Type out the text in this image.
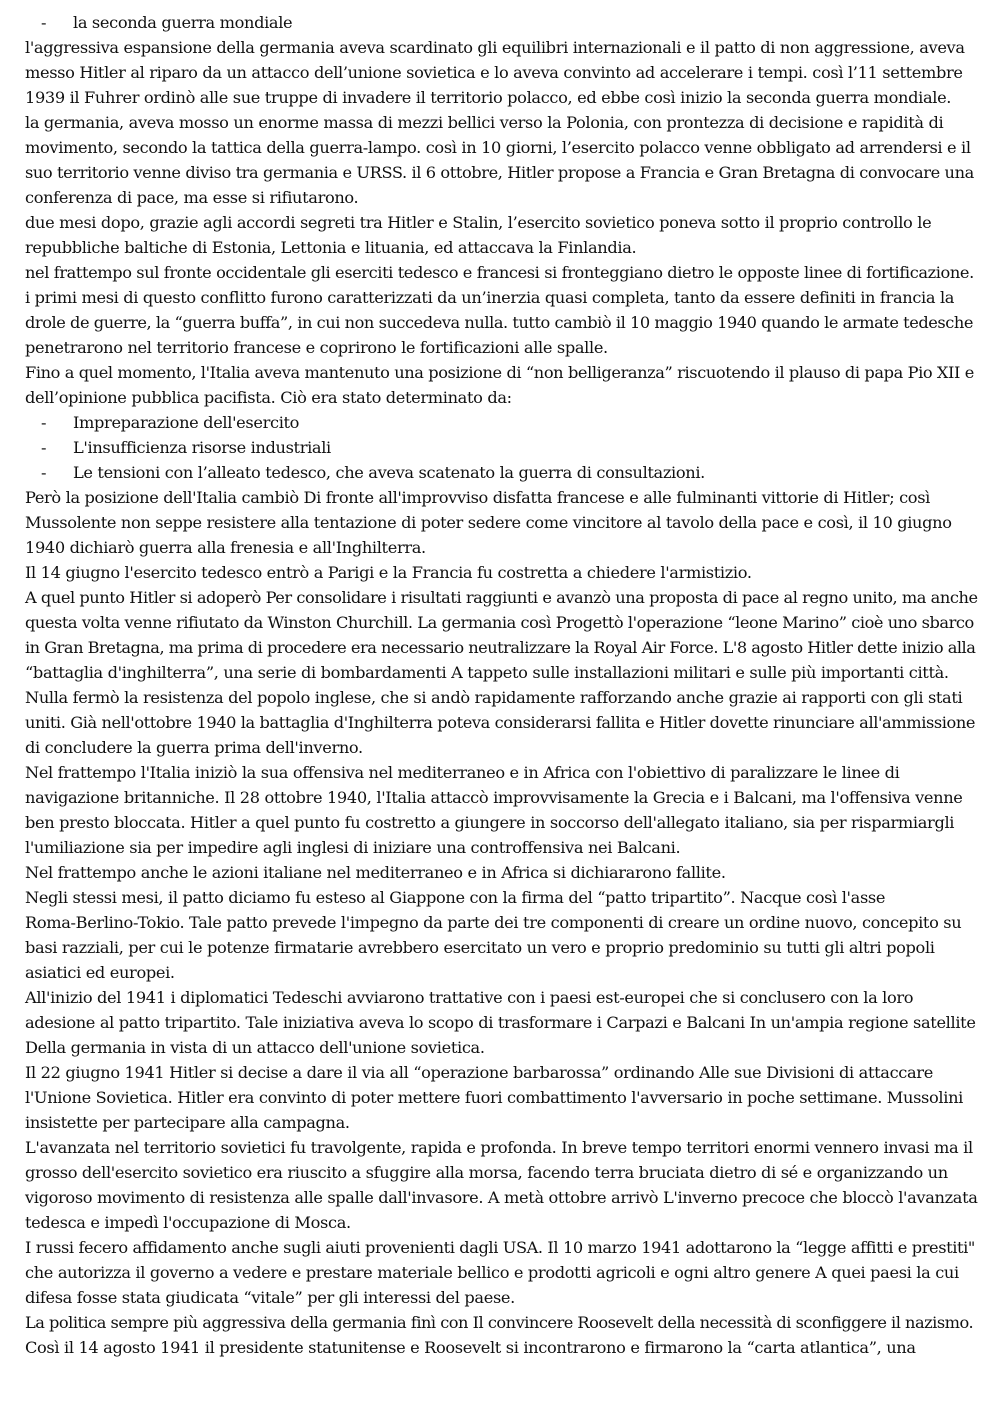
- la seconda guerra mondiale
l'aggressiva espansione della germania aveva scardinato gli equilibri internazionali e il patto di non aggressione, aveva
messo Hitler al riparo da un attacco dell’unione sovietica e lo aveva convinto ad accelerare i tempi. così l’11 settembre
1939 il Fuhrer ordinò alle sue truppe di invadere il territorio polacco, ed ebbe così inizio la seconda guerra mondiale.
la germania, aveva mosso un enorme massa di mezzi bellici verso la Polonia, con prontezza di decisione e rapidità di
movimento, secondo la tattica della guerra-lampo. così in 10 giorni, l’esercito polacco venne obbligato ad arrendersi e il
suo territorio venne diviso tra germania e URSS. il 6 ottobre, Hitler propose a Francia e Gran Bretagna di convocare una
conferenza di pace, ma esse si rifiutarono.
due mesi dopo, grazie agli accordi segreti tra Hitler e Stalin, l’esercito sovietico poneva sotto il proprio controllo le
repubbliche baltiche di Estonia, Lettonia e lituania, ed attaccava la Finlandia.
nel frattempo sul fronte occidentale gli eserciti tedesco e francesi si fronteggiano dietro le opposte linee di fortificazione.
i primi mesi di questo conflitto furono caratterizzati da un’inerzia quasi completa, tanto da essere definiti in francia la
drole de guerre, la “guerra buffa”, in cui non succedeva nulla. tutto cambiò il 10 maggio 1940 quando le armate tedesche
penetrarono nel territorio francese e coprirono le fortificazioni alle spalle.
Fino a quel momento, l'Italia aveva mantenuto una posizione di “non belligeranza” riscuotendo il plauso di papa Pio XII e
dell’opinione pubblica pacifista. Ciò era stato determinato da:
- Impreparazione dell'esercito
- L'insufficienza risorse industriali
- Le tensioni con l’alleato tedesco, che aveva scatenato la guerra di consultazioni.
Però la posizione dell'Italia cambiò Di fronte all'improvviso disfatta francese e alle fulminanti vittorie di Hitler; così
Mussolente non seppe resistere alla tentazione di poter sedere come vincitore al tavolo della pace e così, il 10 giugno
1940 dichiarò guerra alla frenesia e all'Inghilterra.
Il 14 giugno l'esercito tedesco entrò a Parigi e la Francia fu costretta a chiedere l'armistizio.
A quel punto Hitler si adoperò Per consolidare i risultati raggiunti e avanzò una proposta di pace al regno unito, ma anche
questa volta venne rifiutato da Winston Churchill. La germania così Progettò l'operazione “leone Marino” cioè uno sbarco
in Gran Bretagna, ma prima di procedere era necessario neutralizzare la Royal Air Force. L'8 agosto Hitler dette inizio alla
“battaglia d'inghilterra”, una serie di bombardamenti A tappeto sulle installazioni militari e sulle più importanti città.
Nulla fermò la resistenza del popolo inglese, che si andò rapidamente rafforzando anche grazie ai rapporti con gli stati
uniti. Già nell'ottobre 1940 la battaglia d'Inghilterra poteva considerarsi fallita e Hitler dovette rinunciare all'ammissione
di concludere la guerra prima dell'inverno.
Nel frattempo l'Italia iniziò la sua offensiva nel mediterraneo e in Africa con l'obiettivo di paralizzare le linee di
navigazione britanniche. Il 28 ottobre 1940, l'Italia attaccò improvvisamente la Grecia e i Balcani, ma l'offensiva venne
ben presto bloccata. Hitler a quel punto fu costretto a giungere in soccorso dell'allegato italiano, sia per risparmiargli
l'umiliazione sia per impedire agli inglesi di iniziare una controffensiva nei Balcani.
Nel frattempo anche le azioni italiane nel mediterraneo e in Africa si dichiararono fallite.
Negli stessi mesi, il patto diciamo fu esteso al Giappone con la firma del “patto tripartito”. Nacque così l'asse
Roma-Berlino-Tokio. Tale patto prevede l'impegno da parte dei tre componenti di creare un ordine nuovo, concepito su
basi razziali, per cui le potenze firmatarie avrebbero esercitato un vero e proprio predominio su tutti gli altri popoli
asiatici ed europei.
All'inizio del 1941 i diplomatici Tedeschi avviarono trattative con i paesi est-europei che si conclusero con la loro
adesione al patto tripartito. Tale iniziativa aveva lo scopo di trasformare i Carpazi e Balcani In un'ampia regione satellite
Della germania in vista di un attacco dell'unione sovietica.
Il 22 giugno 1941 Hitler si decise a dare il via all “operazione barbarossa” ordinando Alle sue Divisioni di attaccare
l'Unione Sovietica. Hitler era convinto di poter mettere fuori combattimento l'avversario in poche settimane. Mussolini
insistette per partecipare alla campagna.
L'avanzata nel territorio sovietici fu travolgente, rapida e profonda. In breve tempo territori enormi vennero invasi ma il
grosso dell'esercito sovietico era riuscito a sfuggire alla morsa, facendo terra bruciata dietro di sé e organizzando un
vigoroso movimento di resistenza alle spalle dall'invasore. A metà ottobre arrivò L'inverno precoce che bloccò l'avanzata
tedesca e impedì l'occupazione di Mosca.
I russi fecero affidamento anche sugli aiuti provenienti dagli USA. Il 10 marzo 1941 adottarono la “legge affitti e prestiti"
che autorizza il governo a vedere e prestare materiale bellico e prodotti agricoli e ogni altro genere A quei paesi la cui
difesa fosse stata giudicata “vitale” per gli interessi del paese.
La politica sempre più aggressiva della germania finì con Il convincere Roosevelt della necessità di sconfiggere il nazismo.
Così il 14 agosto 1941 il presidente statunitense e Roosevelt si incontrarono e firmarono la “carta atlantica”, una
